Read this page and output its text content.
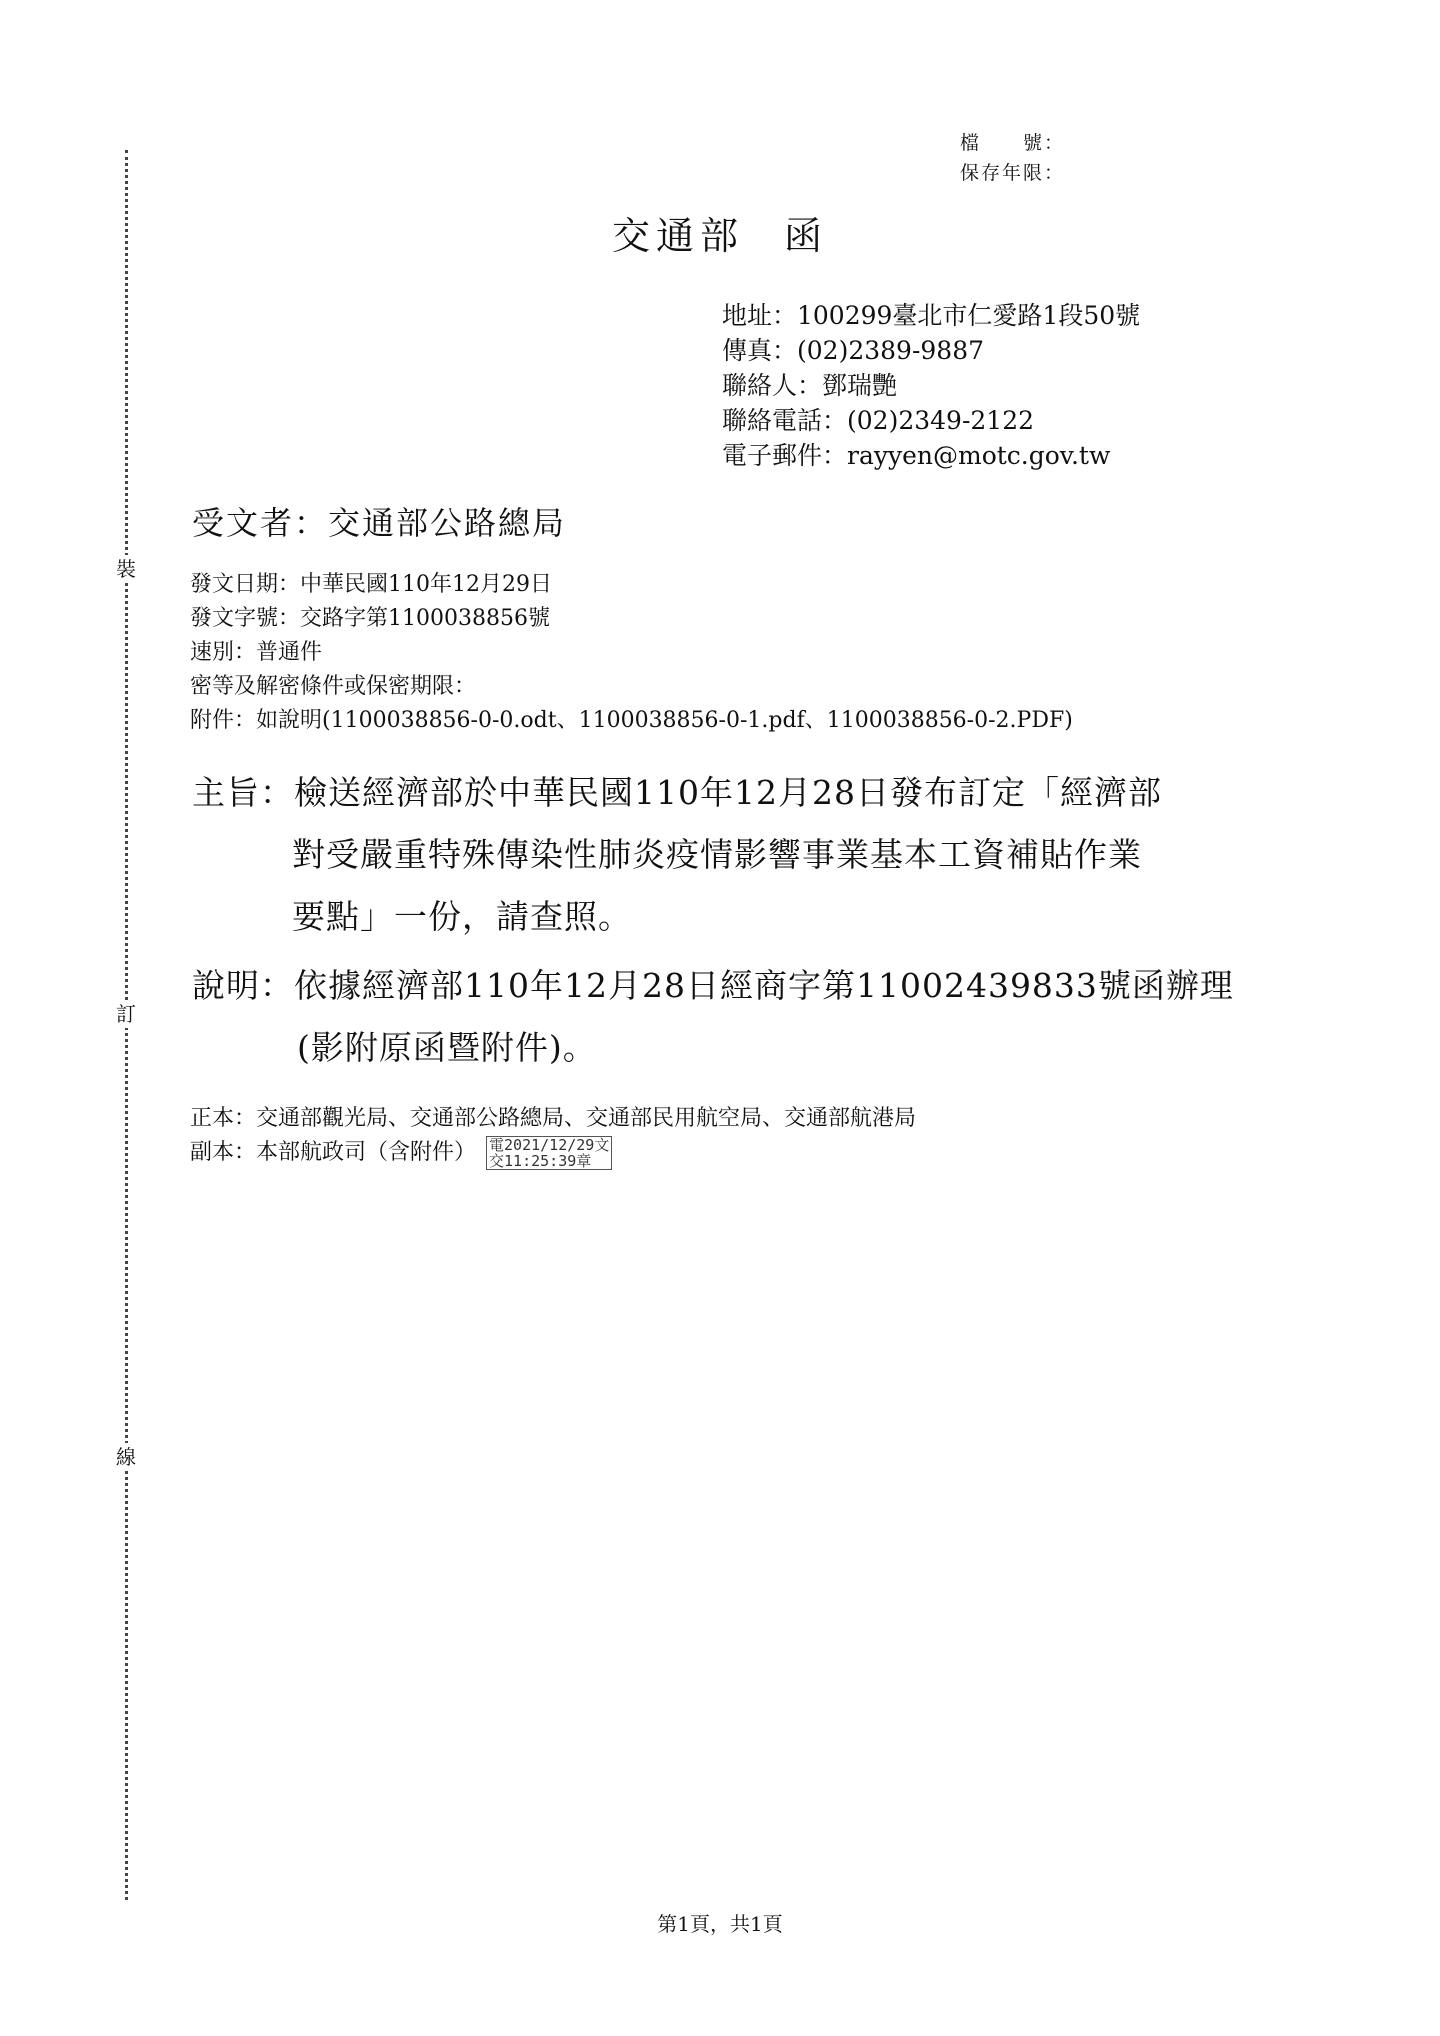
裝
訂
線
檔　　號：
保存年限：
交通部 函
地址：100299臺北市仁愛路1段50號
傳真：(02)2389-9887
聯絡人：鄧瑞艷
聯絡電話：(02)2349-2122
電子郵件：rayyen@motc.gov.tw
受文者：交通部公路總局
發文日期：中華民國110年12月29日
發文字號：交路字第1100038856號
速別：普通件
密等及解密條件或保密期限：
附件：如說明(1100038856-0-0.odt、1100038856-0-1.pdf、1100038856-0-2.PDF)
主旨：檢送經濟部於中華民國110年12月28日發布訂定「經濟部
對受嚴重特殊傳染性肺炎疫情影響事業基本工資補貼作業
要點」一份，請查照。
說明：依據經濟部110年12月28日經商字第11002439833號函辦理
(影附原函暨附件)。
正本：交通部觀光局、交通部公路總局、交通部民用航空局、交通部航港局
副本：本部航政司（含附件） 電2021/12/29文
交11:25:39章
第1頁，共1頁
